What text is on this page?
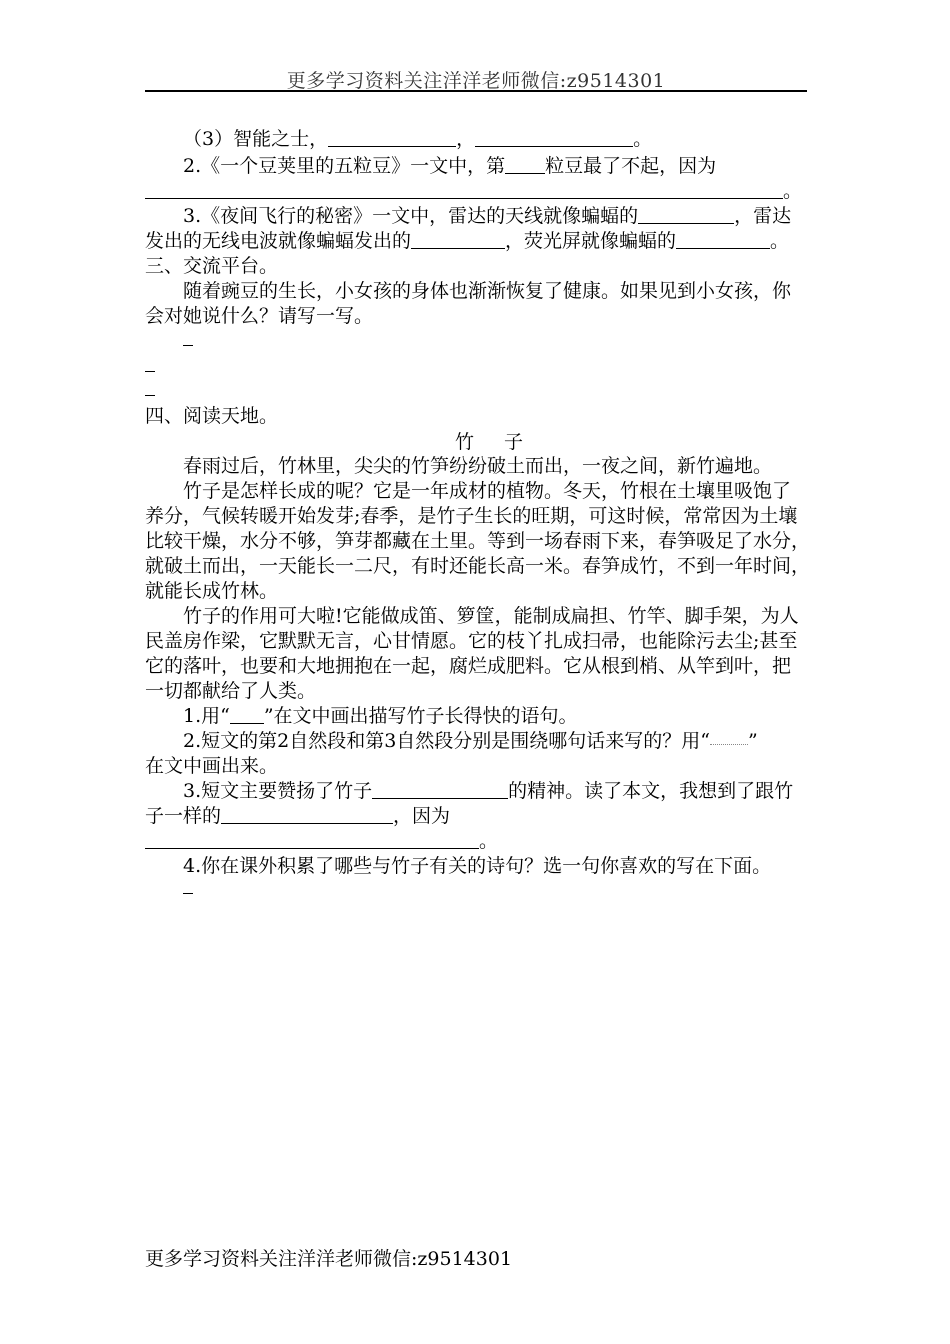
更多学习资料关注洋洋老师微信:z9514301
（3）智能之士，	，	。
2.《一个豆荚里的五粒豆》一文中，第 粒豆最了不起，因为
。
3.《夜间飞行的秘密》一文中，雷达的天线就像蝙蝠的	，雷达
发出的无线电波就像蝙蝠发出的	，荧光屏就像蝙蝠的	。
三、交流平台。
随着豌豆的生长，小女孩的身体也渐渐恢复了健康。如果见到小女孩，你
会对她说什么？请写一写。
四、阅读天地。
竹子
春雨过后，竹林里，尖尖的竹笋纷纷破土而出，一夜之间，新竹遍地。
竹子是怎样长成的呢？它是一年成材的植物。冬天，竹根在土壤里吸饱了
养分，气候转暖开始发芽;春季，是竹子生长的旺期，可这时候，常常因为土壤
比较干燥，水分不够，笋芽都藏在土里。等到一场春雨下来，春笋吸足了水分，
就破土而出，一天能长一二尺，有时还能长高一米。春笋成竹，不到一年时间，
就能长成竹林。
竹子的作用可大啦!它能做成笛、箩筐，能制成扁担、竹竿、脚手架，为人
民盖房作梁，它默默无言，心甘情愿。它的枝丫扎成扫帚，也能除污去尘;甚至
它的落叶，也要和大地拥抱在一起，腐烂成肥料。它从根到梢、从竿到叶，把
一切都献给了人类。
1.用“ ”在文中画出描写竹子长得快的语句。
2.短文的第2自然段和第3自然段分别是围绕哪句话来写的？用“ ”
在文中画出来。
3.短文主要赞扬了竹子	的精神。读了本文，我想到了跟竹
子一样的	，因为
。
4.你在课外积累了哪些与竹子有关的诗句？选一句你喜欢的写在下面。
更多学习资料关注洋洋老师微信:z9514301
